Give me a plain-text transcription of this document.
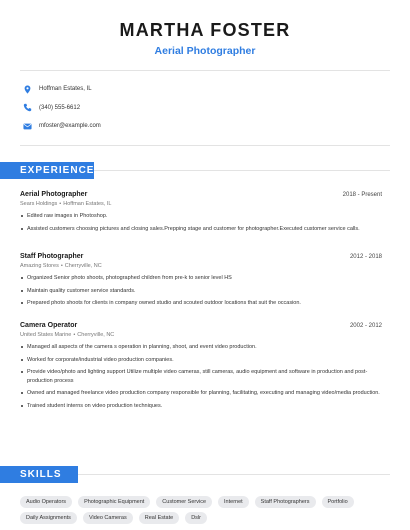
MARTHA FOSTER
Aerial Photographer
Hoffman Estates, IL
(340) 555-6612
mfoster@example.com
EXPERIENCE
Aerial Photographer	2018 - Present
Sears Holdings • Hoffman Estates, IL
Edited raw images in Photoshop.
Assisted customers choosing pictures and closing sales.Prepping stage and customer for photographer.Executed customer service calls.
Staff Photographer	2012 - 2018
Amazing Stores • Cherryville, NC
Organized Senior photo shoots, photographed children from pre-k to senior level HS
Maintain quality customer service standards.
Prepared photo shoots for clients in company owned studio and scouted outdoor locations that suit the occasion.
Camera Operator	2002 - 2012
United States Marine • Cherryville, NC
Managed all aspects of the camera s operation in planning, shoot, and event video production.
Worked for corporate/industrial video production companies.
Provide video/photo and lighting support Utilize multiple video cameras, still cameras, audio equipment and software in production and post-production process
Owned and managed freelance video production company responsible for planning, facilitating, executing and managing video/media production.
Trained student interns on video production techniques.
SKILLS
Audio Operators	Photographic Equipment	Customer Service	Internet	Staff Photographers	Portfolio
Daily Assignments	Video Cameras	Real Estate	Dslr
